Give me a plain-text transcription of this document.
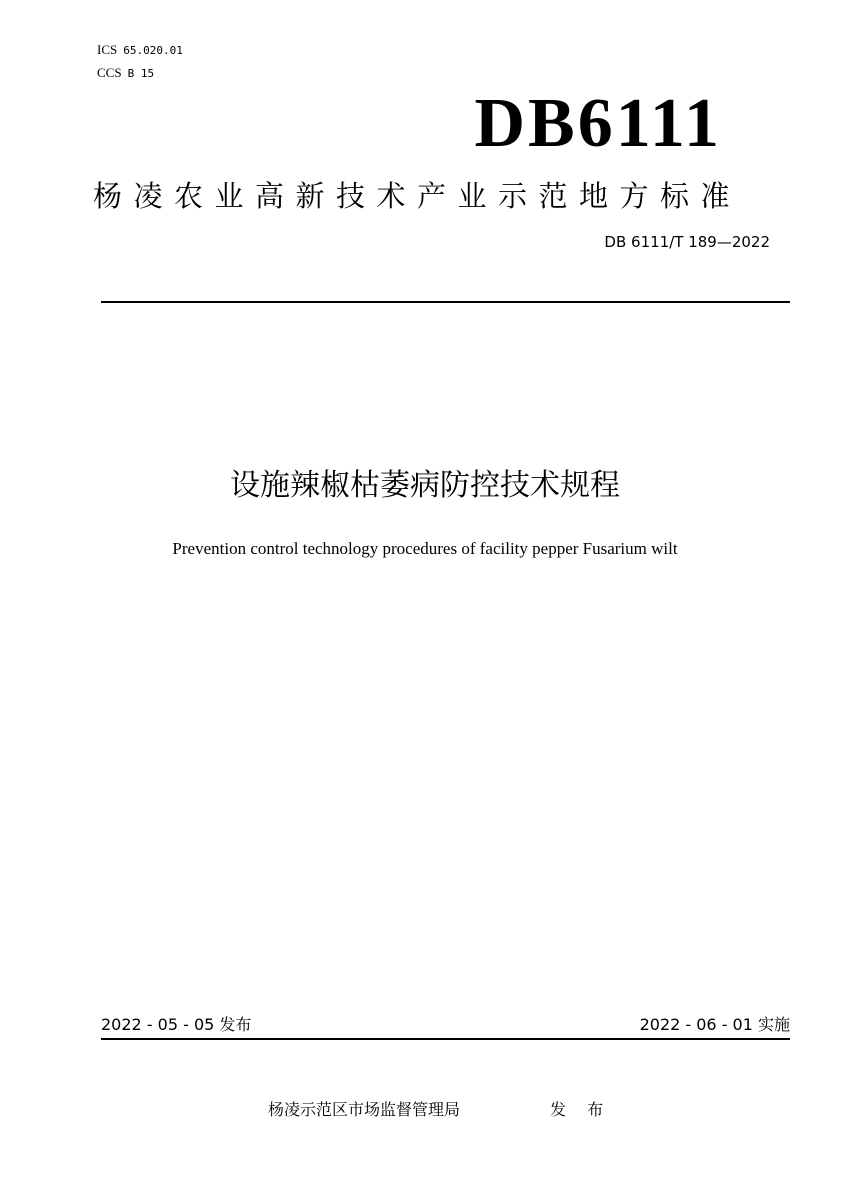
ICS 65.020.01
CCS B 15
DB6111
杨凌农业高新技术产业示范地方标准
DB 6111/T 189—2022
设施辣椒枯萎病防控技术规程
Prevention control technology procedures of facility pepper Fusarium wilt
2022 - 05 - 05 发布	2022 - 06 - 01 实施
杨凌示范区市场监督管理局	发 布
